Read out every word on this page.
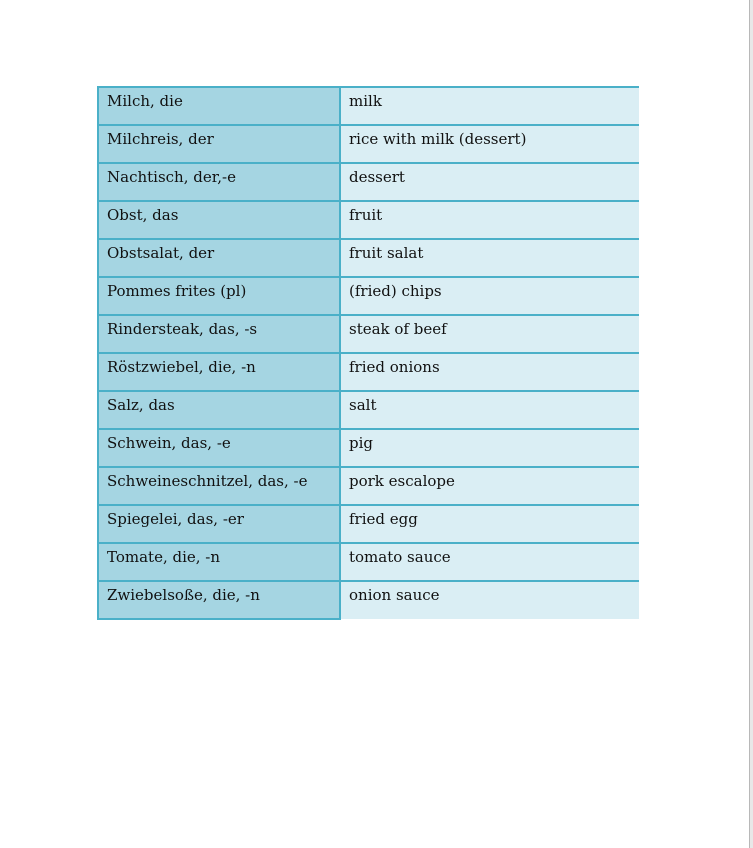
Milch, die	milk
Milchreis, der	rice with milk (dessert)
Nachtisch, der,-e	dessert
Obst, das	fruit
Obstsalat, der	fruit salat
Pommes frites (pl)	(fried) chips
Rindersteak, das, -s	steak of beef
Röstzwiebel, die, -n	fried onions
Salz, das	salt
Schwein, das, -e	pig
Schweineschnitzel, das, -e	pork escalope
Spiegelei, das, -er	fried egg
Tomate, die, -n	tomato sauce
Zwiebelsoße, die, -n	onion sauce
